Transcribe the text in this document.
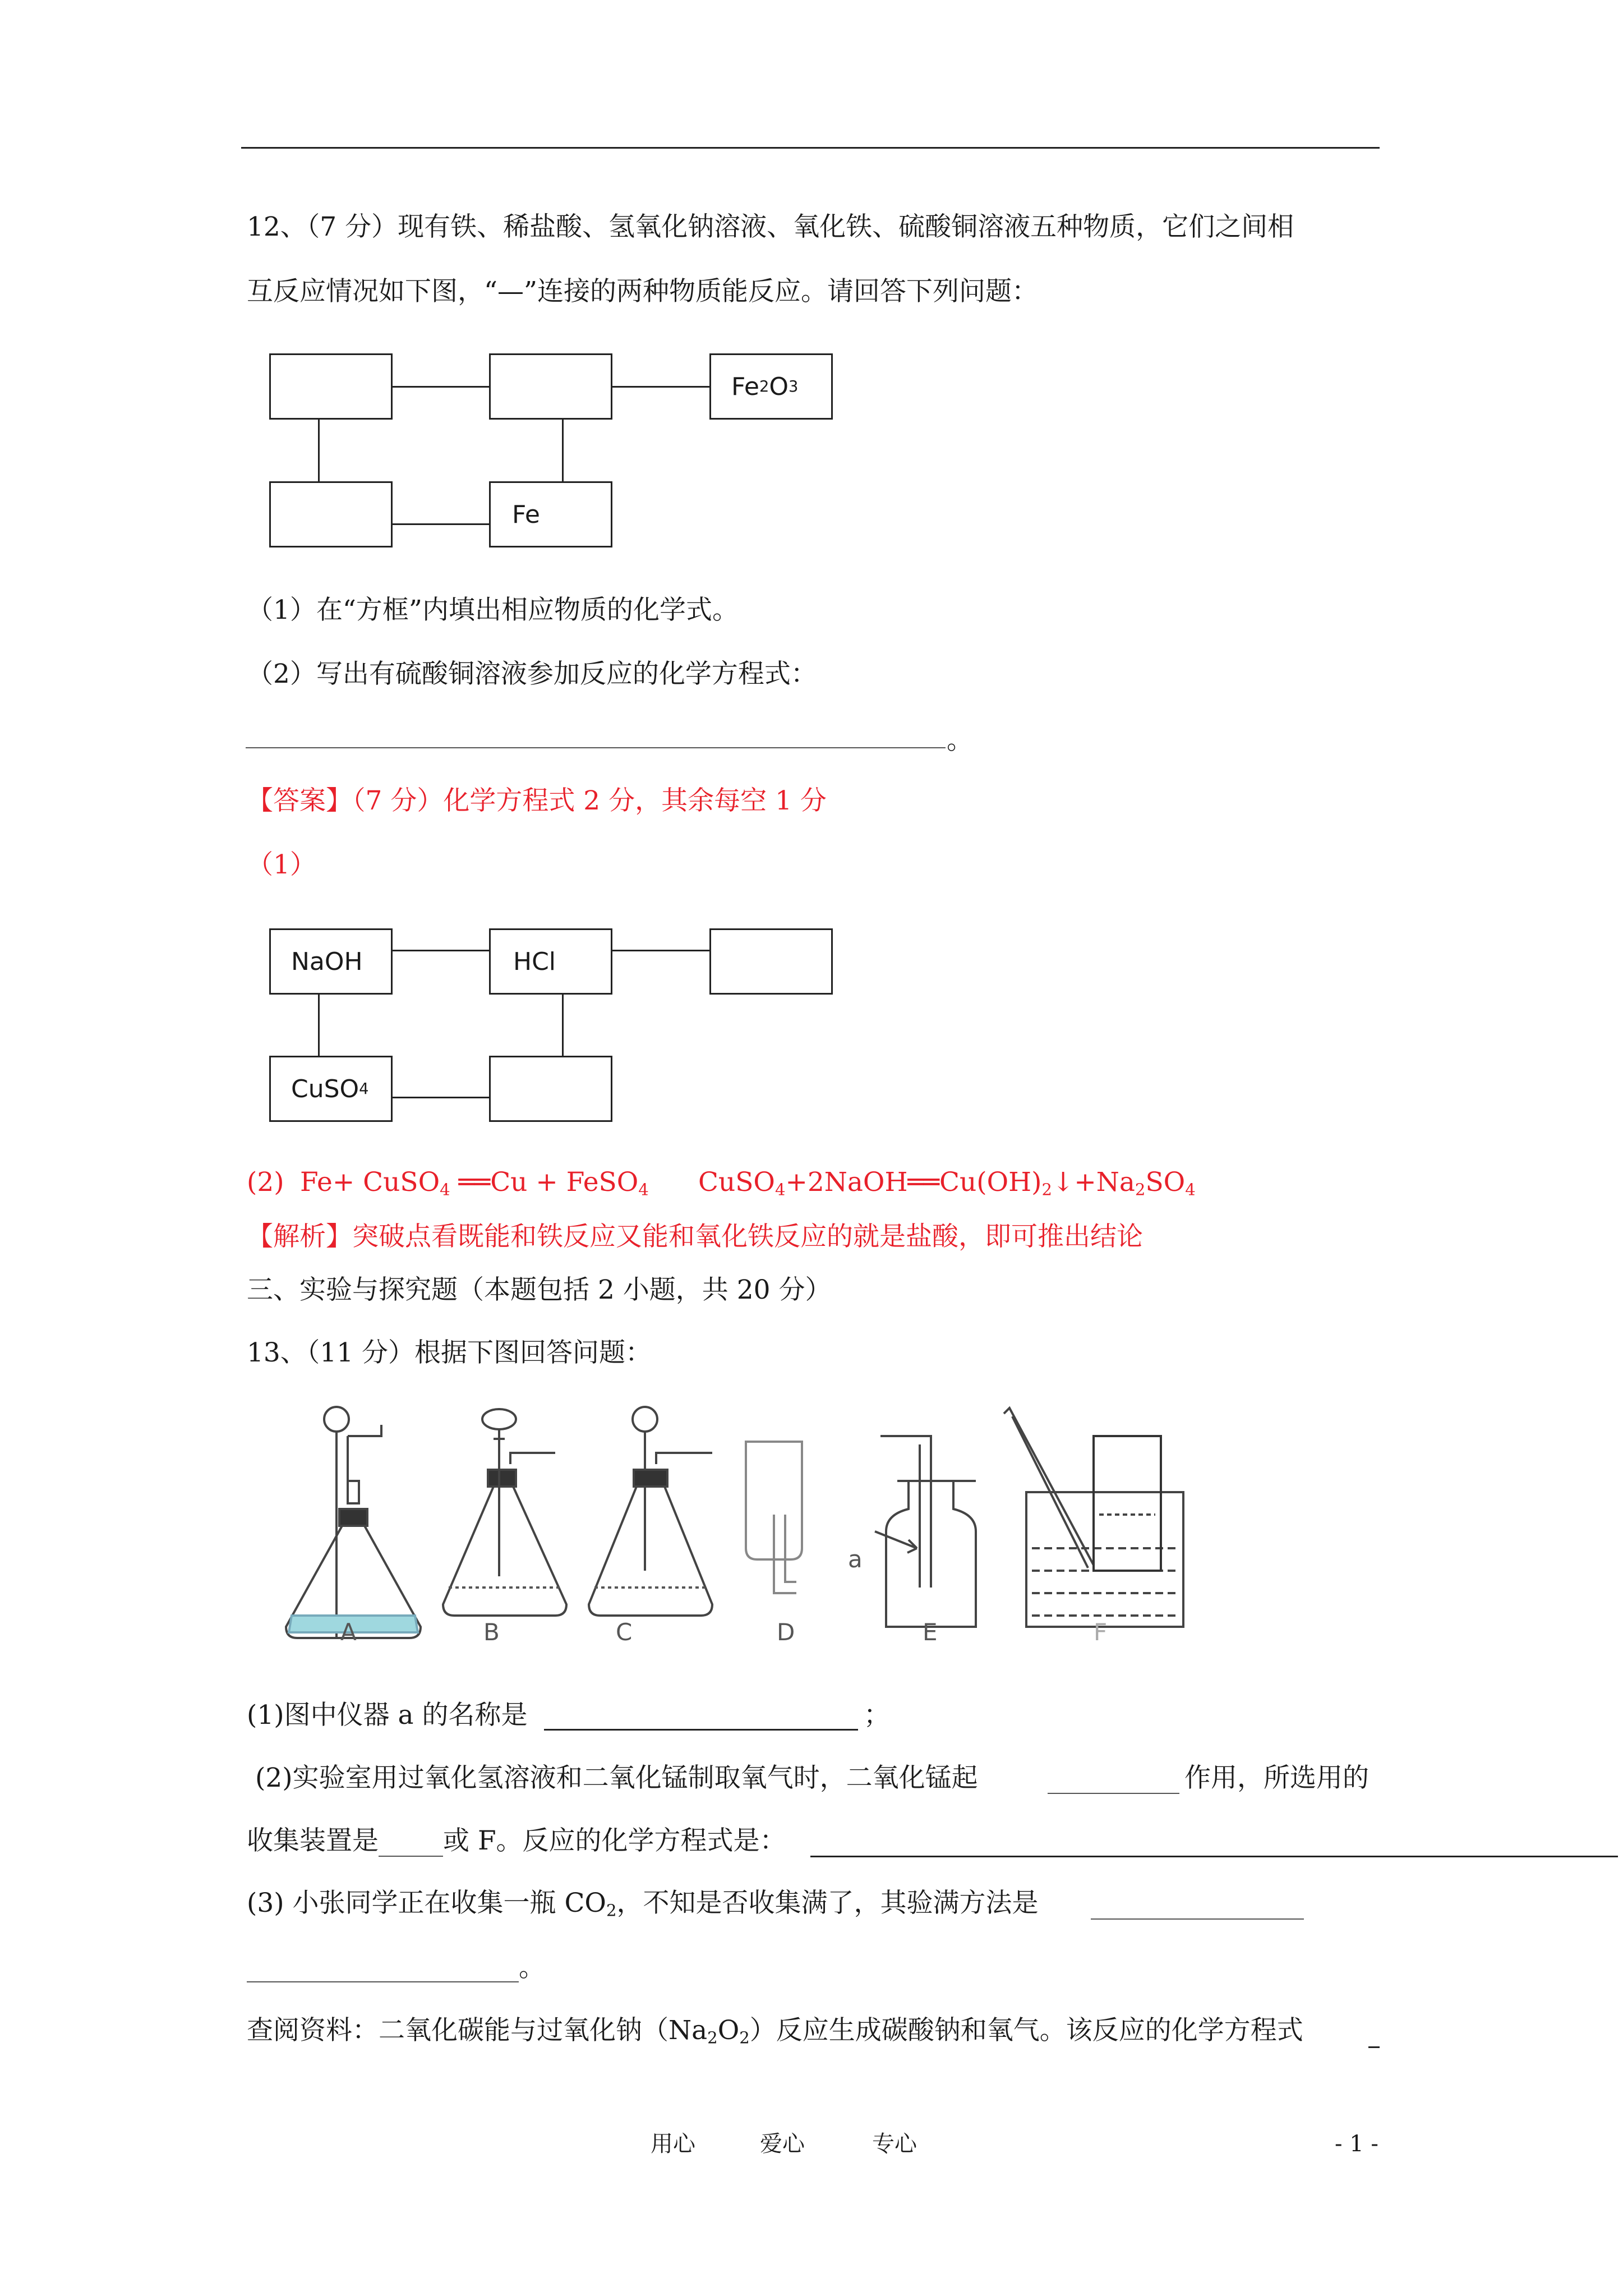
12、（7 分）现有铁、稀盐酸、氢氧化钠溶液、氧化铁、硫酸铜溶液五种物质，它们之间相
互反应情况如下图，“—”连接的两种物质能反应。请回答下列问题：
Fe 2 O 3
Fe
（1）在“方框”内填出相应物质的化学式。
（2）写出有硫酸铜溶液参加反应的化学方程式：
。
【答案】（7 分）化学方程式 2 分，其余每空 1 分
（1）
NaOH	HCl
CuSO 4
(2) Fe+ CuSO$_4$ ══Cu + FeSO$_4$ $CuSO_4+2NaOH══Cu(OH)_2↓+Na_2SO_4$
【解析】突破点看既能和铁反应又能和氧化铁反应的就是盐酸，即可推出结论
三、实验与探究题（本题包括 2 小题，共 20 分）
13、（11 分）根据下图回答问题：
a
A	B	C	D	E	F
(1)图中仪器 a 的名称是	；
(2)实验室用过氧化氢溶液和二氧化锰制取氧气时，二氧化锰起	作用，所选用的
收集装置是 或 F。反应的化学方程式是：
(3) 小张同学正在收集一瓶 $CO_2$，不知是否收集满了，其验满方法是
。
查阅资料：二氧化碳能与过氧化钠$(Na_2O_2)$反应生成碳酸钠和氧气。该反应的化学方程式
用心	爱心	专心	- 1 -
